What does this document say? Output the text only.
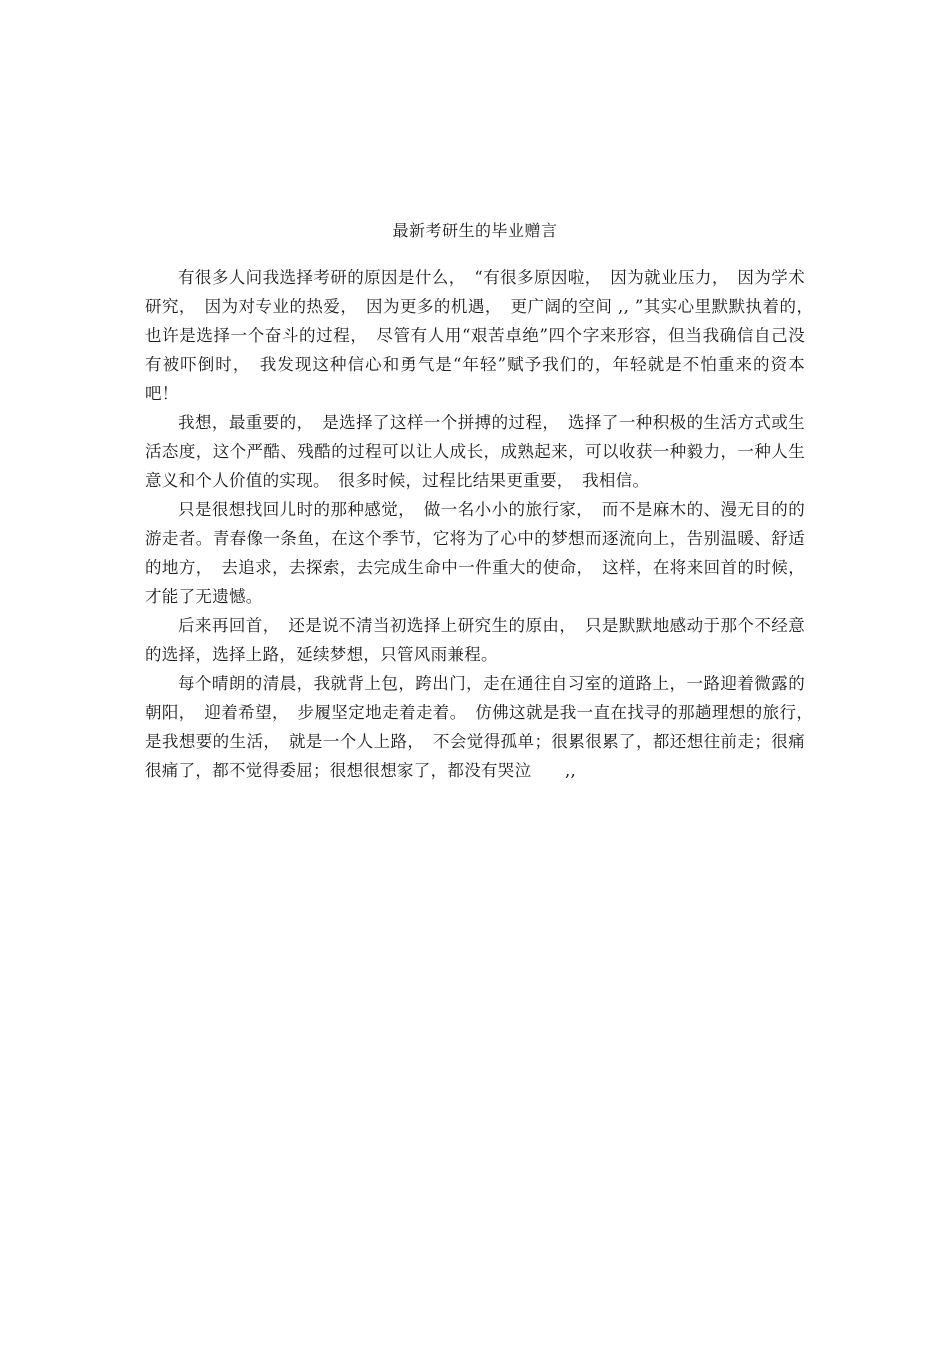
最新考研生的毕业赠言

有很多人问我选择考研的原因是什么，　“有很多原因啦，　因为就业压力，　因为学术研究，　因为对专业的热爱，　因为更多的机遇，　更广阔的空间 ,, ”其实心里默默执着的，　也许是选择一个奋斗的过程，　尽管有人用“艰苦卓绝”四个字来形容，但当我确信自己没有被吓倒时，　我发现这种信心和勇气是“年轻”赋予我们的，年轻就是不怕重来的资本吧！

我想，最重要的，　是选择了这样一个拼搏的过程，　选择了一种积极的生活方式或生活态度，这个严酷、残酷的过程可以让人成长，成熟起来，可以收获一种毅力，一种人生意义和个人价值的实现。　很多时候，过程比结果更重要，　我相信。

只是很想找回儿时的那种感觉，　做一名小小的旅行家，　而不是麻木的、漫无目的的游走者。青春像一条鱼，在这个季节，它将为了心中的梦想而逐流向上，告别温暖、舒适的地方，　去追求，去探索，去完成生命中一件重大的使命，　这样，在将来回首的时候，才能了无遗憾。

后来再回首，　还是说不清当初选择上研究生的原由，　只是默默地感动于那个不经意的选择，选择上路，延续梦想，只管风雨兼程。

每个晴朗的清晨，我就背上包，跨出门，走在通往自习室的道路上，一路迎着微露的朝阳，　迎着希望，　步履坚定地走着走着。　仿佛这就是我一直在找寻的那趟理想的旅行，　是我想要的生活，　就是一个人上路，　不会觉得孤单；很累很累了，都还想往前走；很痛很痛了，都不觉得委屈；很想很想家了，都没有哭泣　　,,
